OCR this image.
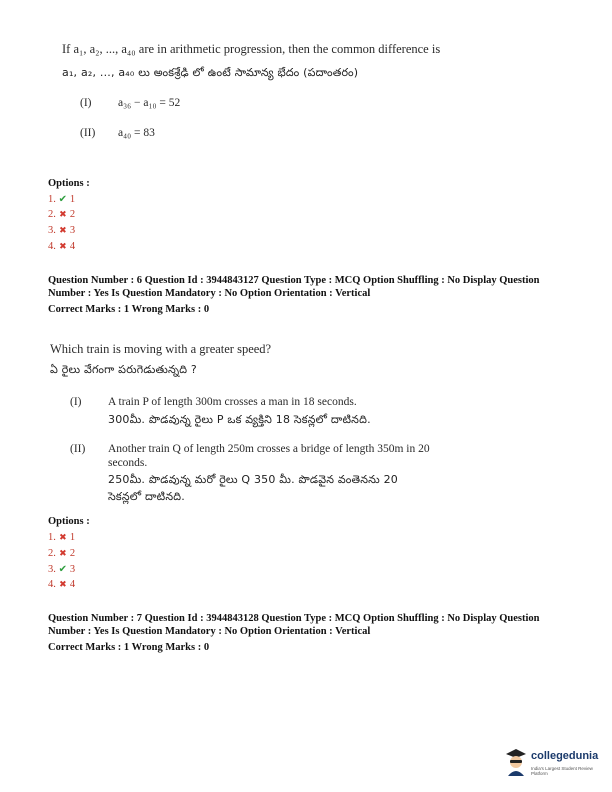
If a₁, a₂, ..., a₄₀ are in arithmetic progression, then the common difference is
a₁, a₂, ..., a₄₀ లు అంకశ్రేఢి లో ఉంటే సామాన్య భేదం (పదాంతరం)
(I) a₃₆ − a₁₀ = 52
(II) a₄₀ = 83
Options :
1. ✔ 1
2. ✖ 2
3. ✖ 3
4. ✖ 4
Question Number : 6 Question Id : 3944843127 Question Type : MCQ Option Shuffling : No Display Question
Number : Yes Is Question Mandatory : No Option Orientation : Vertical
Correct Marks : 1 Wrong Marks : 0
Which train is moving with a greater speed?
ఏ రైలు వేగంగా పరుగెడుతున్నది ?
(I) A train P of length 300m crosses a man in 18 seconds.
300మీ. పొడవున్న రైలు P ఒక వ్యక్తిని 18 సెకన్లలో దాటినది.
(II) Another train Q of length 250m crosses a bridge of length 350m in 20
seconds.
250మీ. పొడవున్న మరో రైలు Q 350 మీ. పొడవైన వంతెనను 20
సెకన్లలో దాటినది.
Options :
1. ✖ 1
2. ✖ 2
3. ✔ 3
4. ✖ 4
Question Number : 7 Question Id : 3944843128 Question Type : MCQ Option Shuffling : No Display Question
Number : Yes Is Question Mandatory : No Option Orientation : Vertical
Correct Marks : 1 Wrong Marks : 0
collegedunia
India's Largest Student Review Platform
